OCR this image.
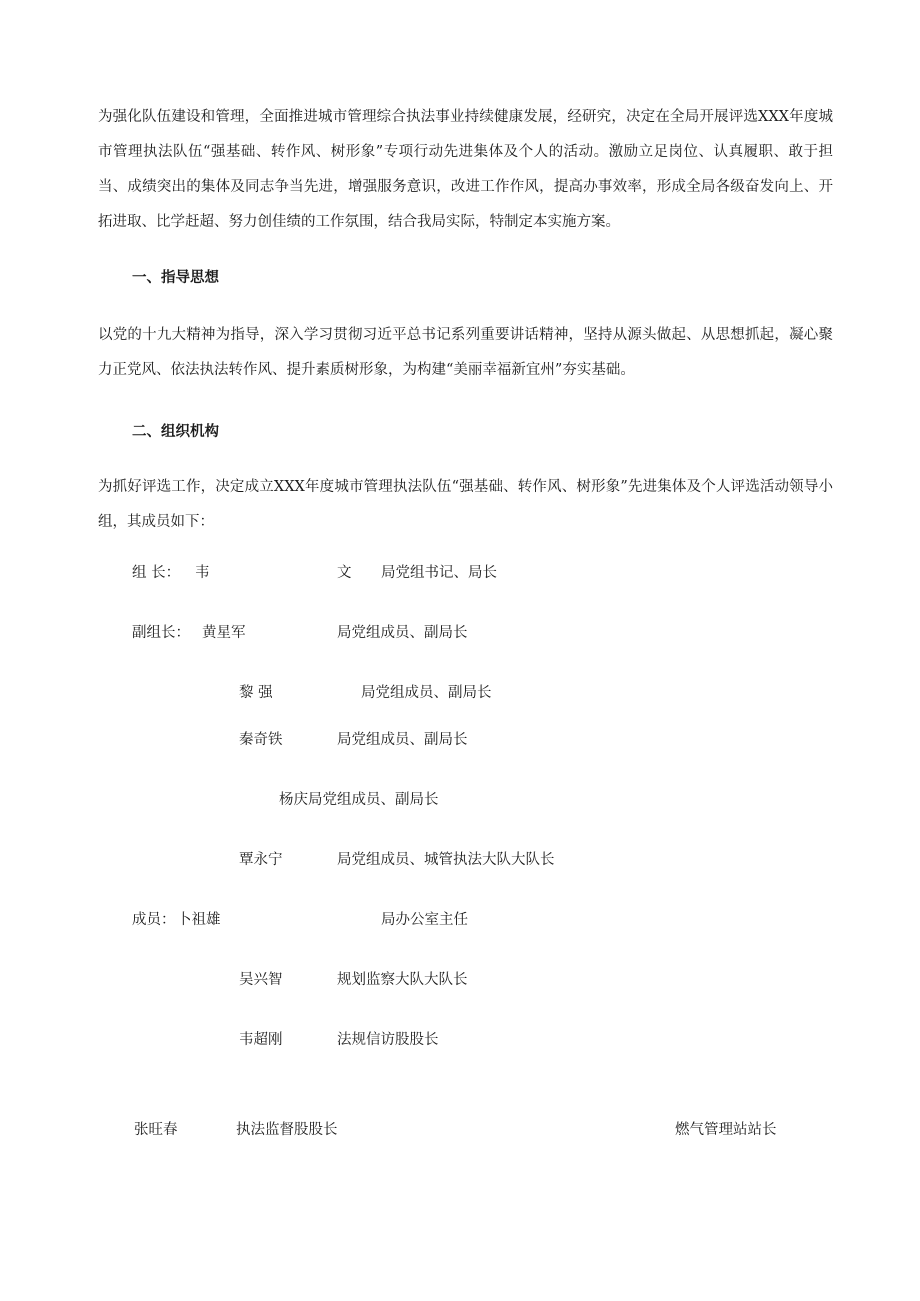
为强化队伍建设和管理，全面推进城市管理综合执法事业持续健康发展，经研究，决定在全局开展评选XXX年度城市管理执法队伍“强基础、转作风、树形象”专项行动先进集体及个人的活动。激励立足岗位、认真履职、敢于担当、成绩突出的集体及同志争当先进，增强服务意识，改进工作作风，提高办事效率，形成全局各级奋发向上、开拓进取、比学赶超、努力创佳绩的工作氛围，结合我局实际，特制定本实施方案。

一、指导思想

以党的十九大精神为指导，深入学习贯彻习近平总书记系列重要讲话精神，坚持从源头做起、从思想抓起，凝心聚力正党风、依法执法转作风、提升素质树形象，为构建“美丽幸福新宜州”夯实基础。

二、组织机构

为抓好评选工作，决定成立XXX年度城市管理执法队伍“强基础、转作风、树形象”先进集体及个人评选活动领导小组，其成员如下：

组 长： 韦	文 局党组书记、局长
副组长： 黄星军	局党组成员、副局长
黎 强	局党组成员、副局长
秦奇铁	局党组成员、副局长
杨庆 局党组成员、副局长
覃永宁	局党组成员、城管执法大队大队长
成员： 卜祖雄	局办公室主任
吴兴智	规划监察大队大队长
韦超刚	法规信访股股长
张旺春	执法监督股股长	燃气管理站站长
